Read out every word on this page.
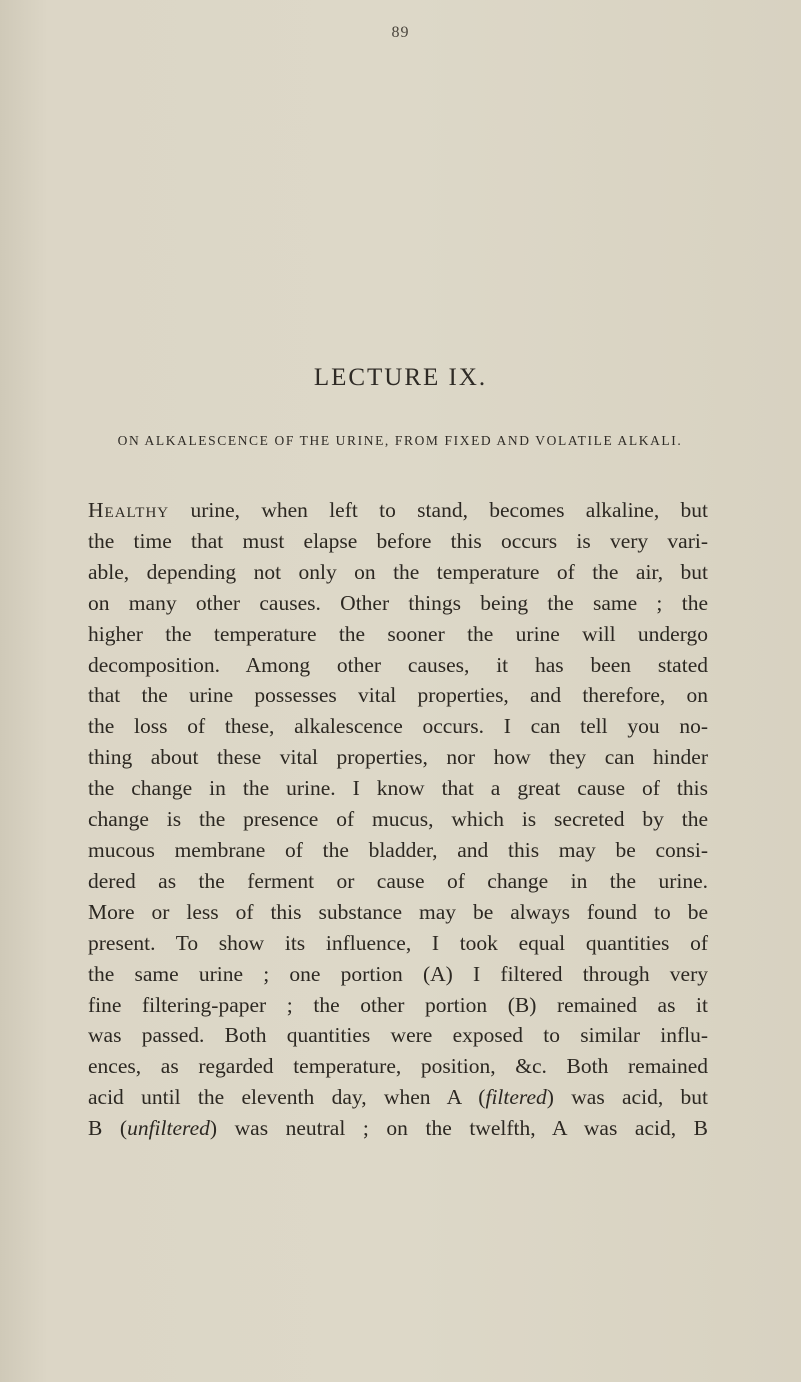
89
LECTURE IX.
ON ALKALESCENCE OF THE URINE, FROM FIXED AND VOLATILE ALKALI.
Healthy urine, when left to stand, becomes alkaline, but
the time that must elapse before this occurs is very vari-
able, depending not only on the temperature of the air, but
on many other causes. Other things being the same ; the
higher the temperature the sooner the urine will undergo
decomposition. Among other causes, it has been stated
that the urine possesses vital properties, and therefore, on
the loss of these, alkalescence occurs. I can tell you no-
thing about these vital properties, nor how they can hinder
the change in the urine. I know that a great cause of this
change is the presence of mucus, which is secreted by the
mucous membrane of the bladder, and this may be consi-
dered as the ferment or cause of change in the urine.
More or less of this substance may be always found to be
present. To show its influence, I took equal quantities of
the same urine ; one portion (A) I filtered through very
fine filtering-paper ; the other portion (B) remained as it
was passed. Both quantities were exposed to similar influ-
ences, as regarded temperature, position, &c. Both remained
acid until the eleventh day, when A (filtered) was acid, but
B (unfiltered) was neutral ; on the twelfth, A was acid, B
